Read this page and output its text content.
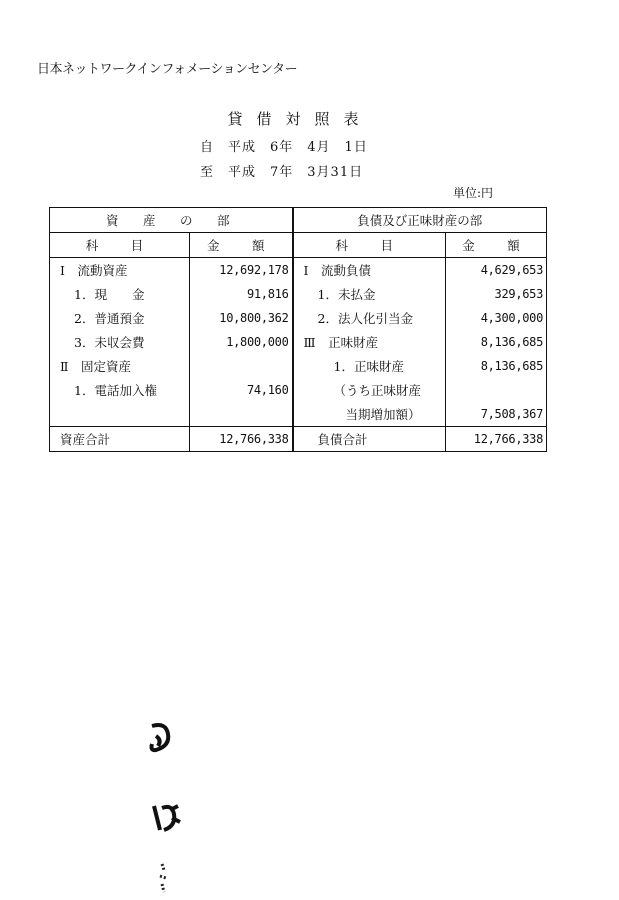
日本ネットワークインフォメーションセンター
貸借対照表
自　平成　6年　4月　1日
至　平成　7年　3月31日
単位:円
資　産　の　部		負債及び正味財産の部	
科　目	金　額	科　目	金　額
Ⅰ　流動資産	12,692,178	Ⅰ　流動負債	4,629,653
1．現　　金	91,816	1．未払金	329,653
2．普通預金	10,800,362	2．法人化引当金	4,300,000
3．未収会費	1,800,000	Ⅲ　正味財産	8,136,685
Ⅱ　固定資産		1．正味財産	8,136,685
1．電話加入権	74,160	（うち正味財産	
		当期増加額）	7,508,367
資産合計	12,766,338	負債合計	12,766,338
